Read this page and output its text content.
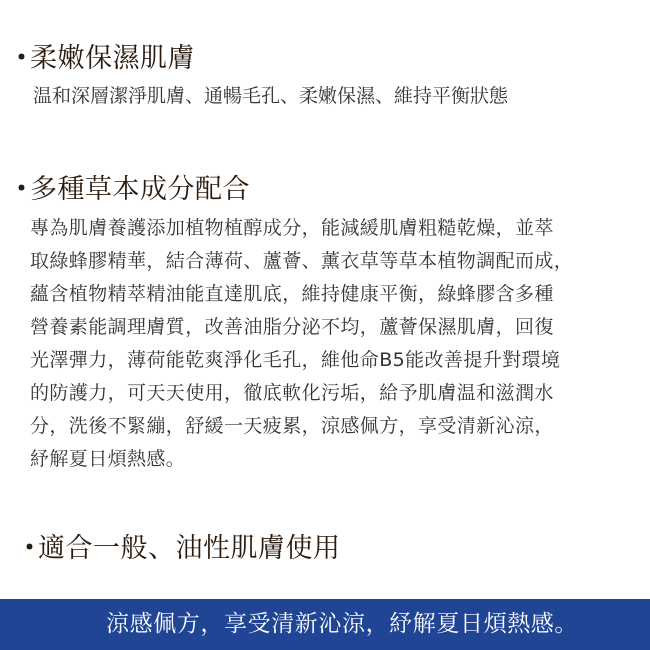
・柔嫩保濕肌膚

温和深層潔淨肌膚、通暢毛孔、柔嫩保濕、維持平衡狀態

・多種草本成分配合
專為肌膚養護添加植物植醇成分，能減緩肌膚粗糙乾燥，並萃
取綠蜂膠精華，結合薄荷、蘆薈、薰衣草等草本植物調配而成，
蘊含植物精萃精油能直達肌底，維持健康平衡，綠蜂膠含多種
營養素能調理膚質，改善油脂分泌不均，蘆薈保濕肌膚，回復
光澤彈力，薄荷能乾爽淨化毛孔，維他命B5能改善提升對環境
的防護力，可天天使用，徹底軟化污垢，給予肌膚温和滋潤水
分，洗後不緊繃，舒緩一天疲累，涼感佩方，享受清新沁涼，
紓解夏日煩熱感。
・適合一般、油性肌膚使用
涼感佩方，享受清新沁涼，紓解夏日煩熱感。
